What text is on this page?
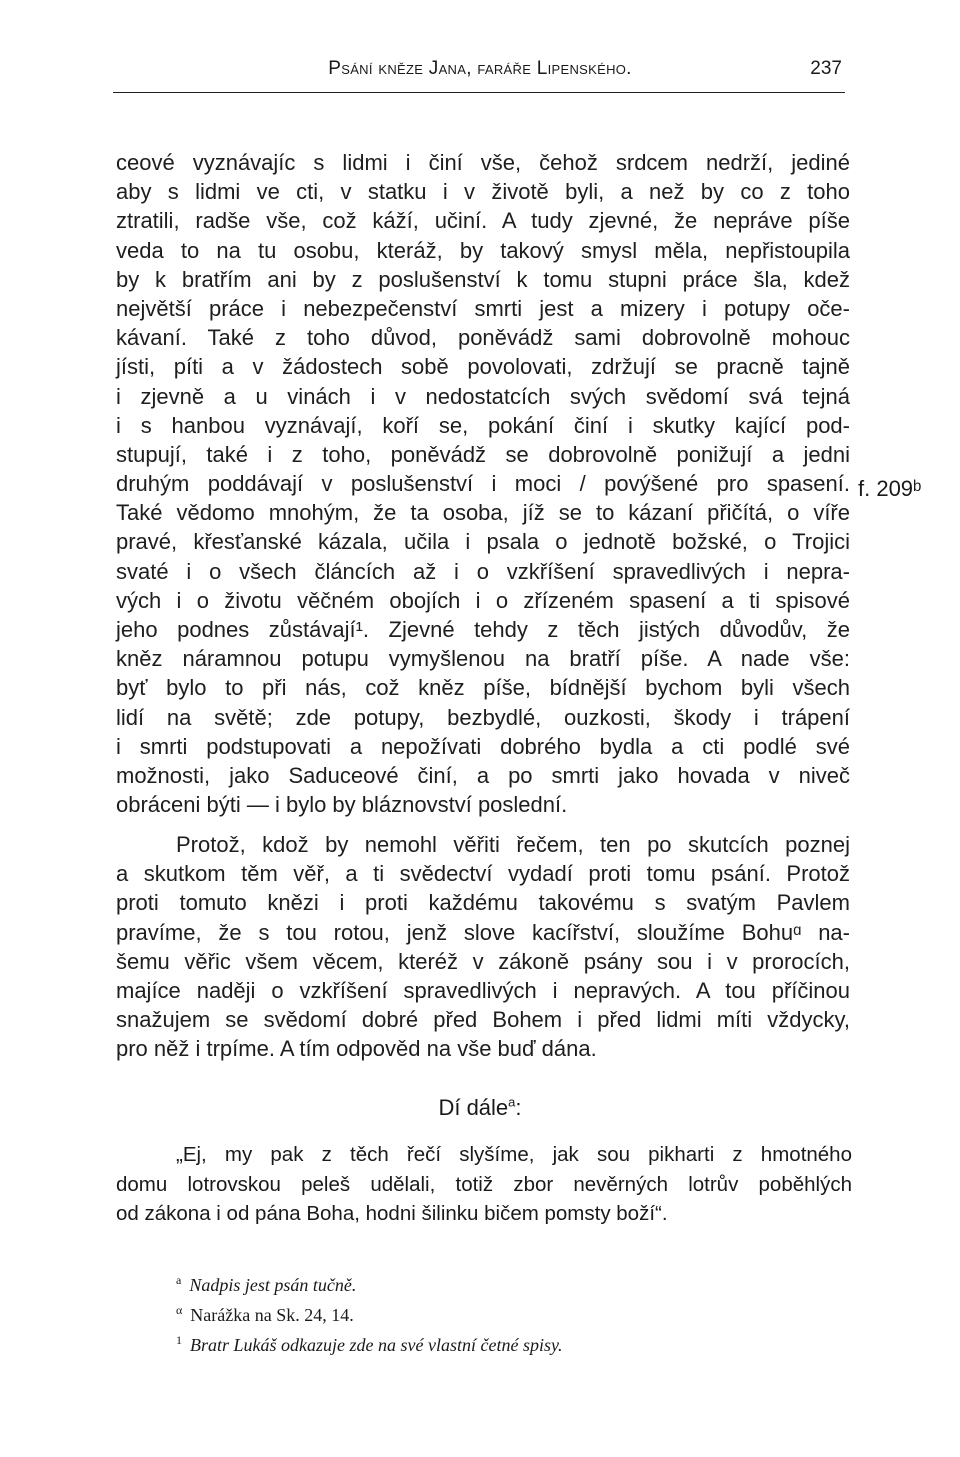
Psání kněze Jana, faráře Lipenského.	237
ceové vyznávajíc s lidmi i činí vše, čehož srdcem nedrží, jediné
aby s lidmi ve cti, v statku i v životě byli, a než by co z toho
ztratili, radše vše, což káží, učiní. A tudy zjevné, že nepráve píše
veda to na tu osobu, kteráž, by takový smysl měla, nepřistoupila
by k bratřím ani by z poslušenství k tomu stupni práce šla, kdež
největší práce i nebezpečenství smrti jest a mizery i potupy oče-
kávaní. Také z toho důvod, poněvádž sami dobrovolně mohouc
jísti, píti a v žádostech sobě povolovati, zdržují se pracně tajně
i zjevně a u vinách i v nedostatcích svých svědomí svá tejná
i s hanbou vyznávají, koří se, pokání činí i skutky kající pod-
stupují, také i z toho, poněvádž se dobrovolně ponižují a jedni
druhým poddávají v poslušenství i moci / povýšené pro spasení.
Také vědomo mnohým, že ta osoba, jíž se to kázaní přičítá, o víře
pravé, křesťanské kázala, učila i psala o jednotě božské, o Trojici
svaté i o všech článcích až i o vzkříšení spravedlivých i nepra-
vých i o životu věčném obojích i o zřízeném spasení a ti spisové
jeho podnes zůstávají¹. Zjevné tehdy z těch jistých důvodův, že
kněz náramnou potupu vymyšlenou na bratří píše. A nade vše:
byť bylo to při nás, což kněz píše, bídnější bychom byli všech
lidí na světě; zde potupy, bezbydlé, ouzkosti, škody i trápení
i smrti podstupovati a nepožívati dobrého bydla a cti podlé své
možnosti, jako Saduceové činí, a po smrti jako hovada v niveč
obráceni býti — i bylo by bláznovství poslední.
f. 209ᵇ
Protož, kdož by nemohl věřiti řečem, ten po skutcích poznej
a skutkom těm věř, a ti svědectví vydadí proti tomu psání. Protož
proti tomuto knězi i proti každému takovému s svatým Pavlem
pravíme, že s tou rotou, jenž slove kacířství, sloužíme Bohuᵅ na-
šemu věřic všem věcem, kteréž v zákoně psány sou i v prorocích,
majíce naději o vzkříšení spravedlivých i nepravých. A tou příčinou
snažujem se svědomí dobré před Bohem i před lidmi míti vždycky,
pro něž i trpíme. A tím odpověd na vše buď dána.
Dí dále$^a$:
„Ej, my pak z těch řečí slyšíme, jak sou pikharti z hmotného
domu lotrovskou peleš udělali, totiž zbor nevěrných lotrův poběhlých
od zákona i od pána Boha, hodni šilinku bičem pomsty boží“.
$^a$ Nadpis jest psán tučně.
$^\alpha$ Narážka na Sk. 24, 14.
$^1$ Bratr Lukáš odkazuje zde na své vlastní četné spisy.
